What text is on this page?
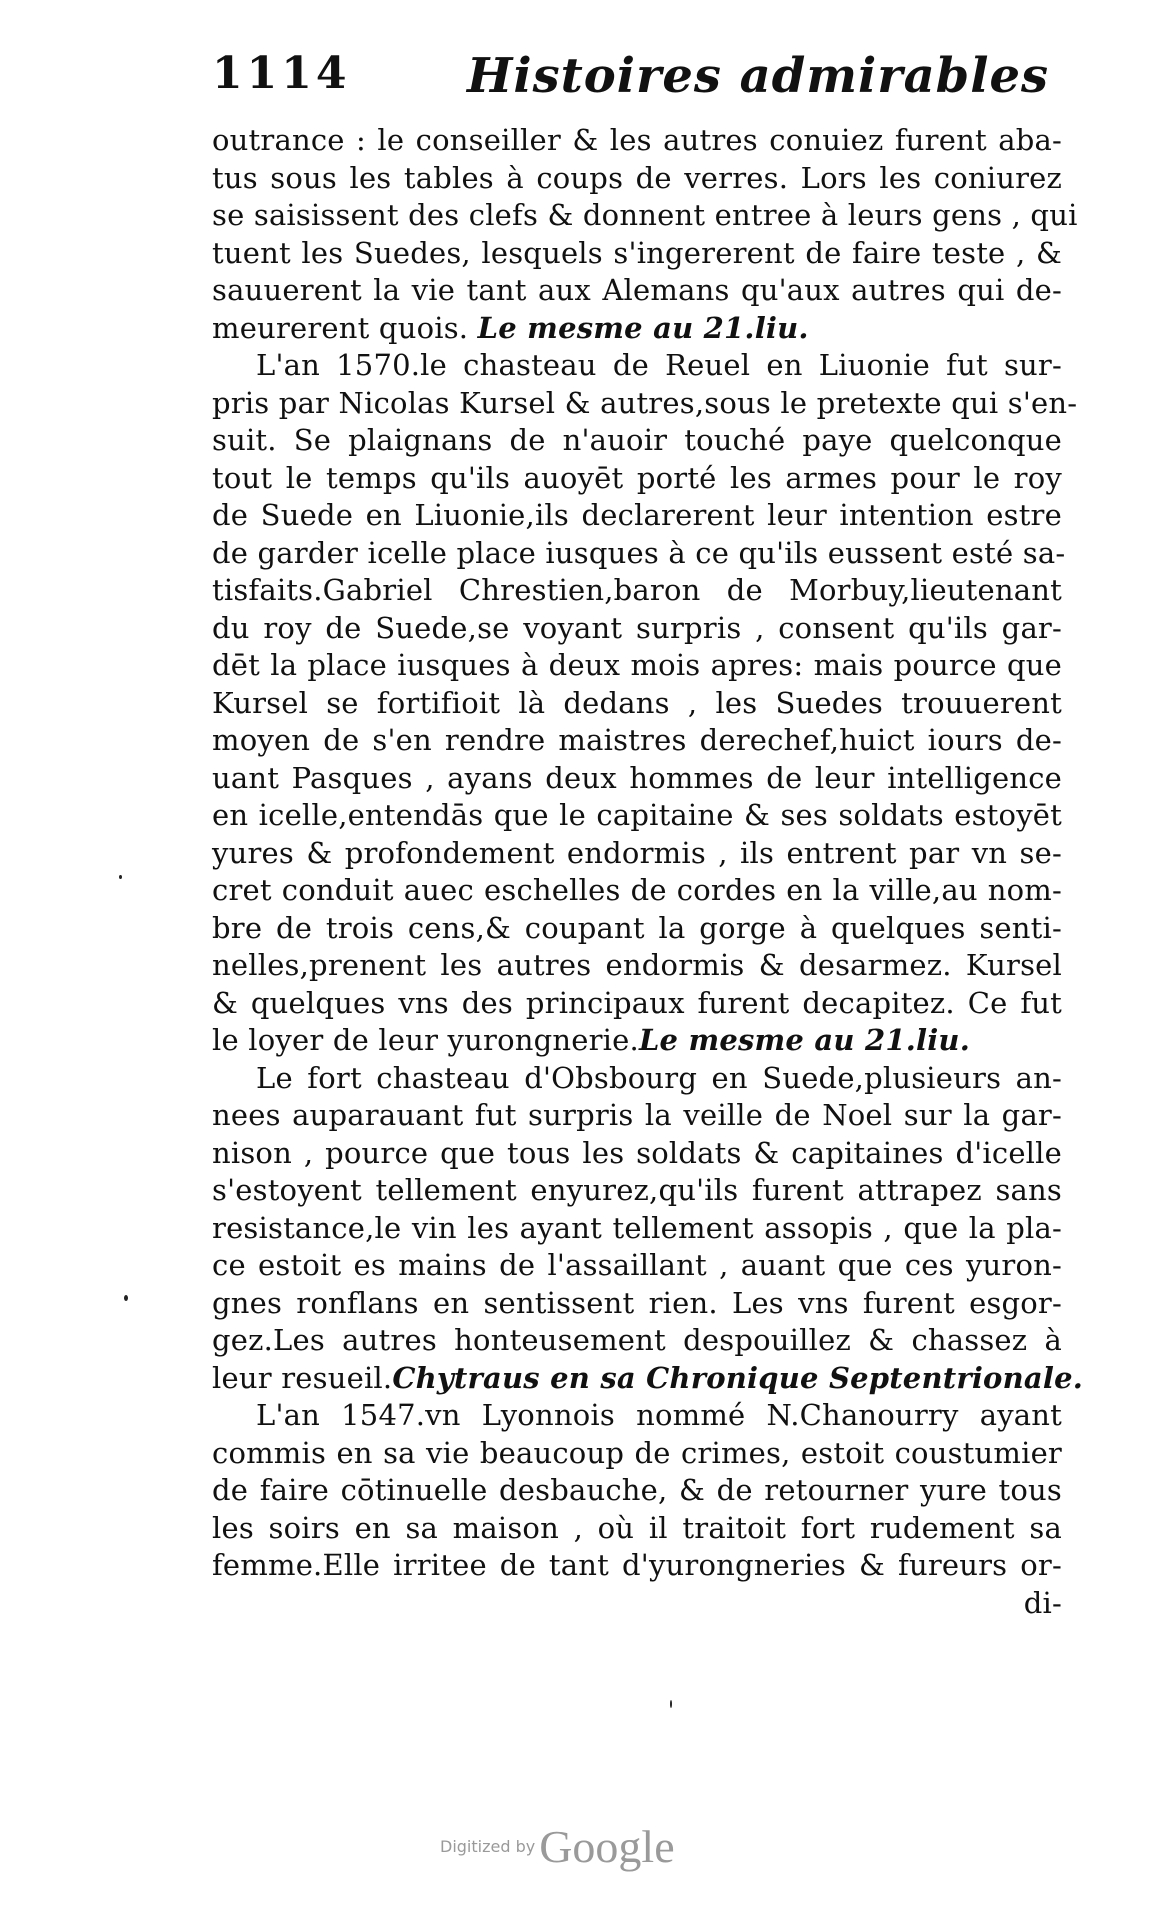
1114 Histoires admirables
outrance : le conseiller & les autres conuiez furent aba-
tus sous les tables à coups de verres. Lors les coniurez
se saisissent des clefs & donnent entree à leurs gens , qui
tuent les Suedes, lesquels s'ingererent de faire teste , &
sauuerent la vie tant aux Alemans qu'aux autres qui de-
meurerent quois. Le mesme au 21.liu.
L'an 1570.le chasteau de Reuel en Liuonie fut sur-
pris par Nicolas Kursel & autres,sous le pretexte qui s'en-
suit. Se plaignans de n'auoir touché paye quelconque
tout le temps qu'ils auoyēt porté les armes pour le roy
de Suede en Liuonie,ils declarerent leur intention estre
de garder icelle place iusques à ce qu'ils eussent esté sa-
tisfaits.Gabriel Chrestien,baron de Morbuy,lieutenant
du roy de Suede,se voyant surpris , consent qu'ils gar-
dēt la place iusques à deux mois apres: mais pource que
Kursel se fortifioit là dedans , les Suedes trouuerent
moyen de s'en rendre maistres derechef,huict iours de-
uant Pasques , ayans deux hommes de leur intelligence
en icelle,entendās que le capitaine & ses soldats estoyēt
yures & profondement endormis , ils entrent par vn se-
cret conduit auec eschelles de cordes en la ville,au nom-
bre de trois cens,& coupant la gorge à quelques senti-
nelles,prenent les autres endormis & desarmez. Kursel
& quelques vns des principaux furent decapitez. Ce fut
le loyer de leur yurongnerie.Le mesme au 21.liu.
Le fort chasteau d'Obsbourg en Suede,plusieurs an-
nees auparauant fut surpris la veille de Noel sur la gar-
nison , pource que tous les soldats & capitaines d'icelle
s'estoyent tellement enyurez,qu'ils furent attrapez sans
resistance,le vin les ayant tellement assopis , que la pla-
ce estoit es mains de l'assaillant , auant que ces yuron-
gnes ronflans en sentissent rien. Les vns furent esgor-
gez.Les autres honteusement despouillez & chassez à
leur resueil.Chytraus en sa Chronique Septentrionale.
L'an 1547.vn Lyonnois nommé N.Chanourry ayant
commis en sa vie beaucoup de crimes, estoit coustumier
de faire cōtinuelle desbauche, & de retourner yure tous
les soirs en sa maison , où il traitoit fort rudement sa
femme.Elle irritee de tant d'yurongneries & fureurs or-
di-
Digitized byGoogle
